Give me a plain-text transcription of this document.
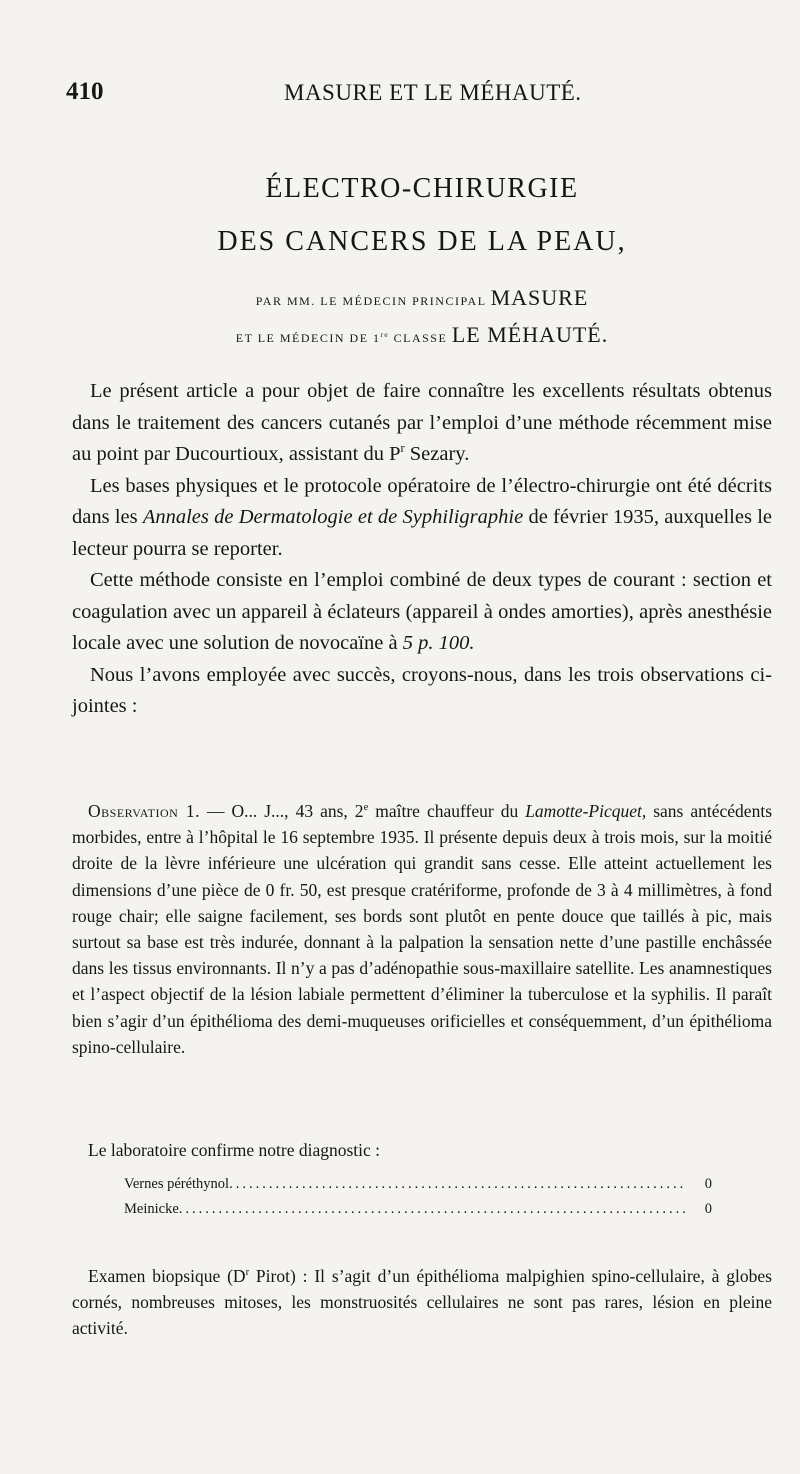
410	MASURE ET LE MÉHAUTÉ.
ÉLECTRO-CHIRURGIE
DES CANCERS DE LA PEAU,
PAR MM. LE MÉDECIN PRINCIPAL MASURE
ET LE MÉDECIN DE 1re CLASSE LE MÉHAUTÉ.

Le présent article a pour objet de faire connaître les excellents résultats obtenus dans le traitement des cancers cutanés par l’emploi d’une méthode récemment mise au point par Ducourtioux, assistant du $P^r$ Sezary.

Les bases physiques et le protocole opératoire de l’électro-chirurgie ont été décrits dans les Annales de Dermatologie et de Syphiligraphie de février 1935, auxquelles le lecteur pourra se reporter.

Cette méthode consiste en l’emploi combiné de deux types de courant : section et coagulation avec un appareil à éclateurs (appareil à ondes amorties), après anesthésie locale avec une solution de novocaïne à 5 p. 100.

Nous l’avons employée avec succès, croyons-nous, dans les trois observations ci-jointes :

Observation 1. — O... J..., 43 ans, 2e maître chauffeur du Lamotte-Picquet, sans antécédents morbides, entre à l’hôpital le 16 septembre 1935. Il présente depuis deux à trois mois, sur la moitié droite de la lèvre inférieure une ulcération qui grandit sans cesse. Elle atteint actuellement les dimensions d’une pièce de 0 fr. 50, est presque cratériforme, profonde de 3 à 4 millimètres, à fond rouge chair; elle saigne facilement, ses bords sont plutôt en pente douce que taillés à pic, mais surtout sa base est très indurée, donnant à la palpation la sensation nette d’une pastille enchâssée dans les tissus environnants. Il n’y a pas d’adénopathie sous-maxillaire satellite. Les anamnestiques et l’aspect objectif de la lésion labiale permettent d’éliminer la tuberculose et la syphilis. Il paraît bien s’agir d’un épithélioma des demi-muqueuses orificielles et conséquemment, d’un épithélioma spino-cellulaire.

Le laboratoire confirme notre diagnostic :
Vernes péréthynol .....	0
Meinicke .....	0

Examen biopsique ($D^r$ Pirot) : Il s’agit d’un épithélioma malpighien spino-cellulaire, à globes cornés, nombreuses mitoses, les monstruosités cellulaires ne sont pas rares, lésion en pleine activité.
